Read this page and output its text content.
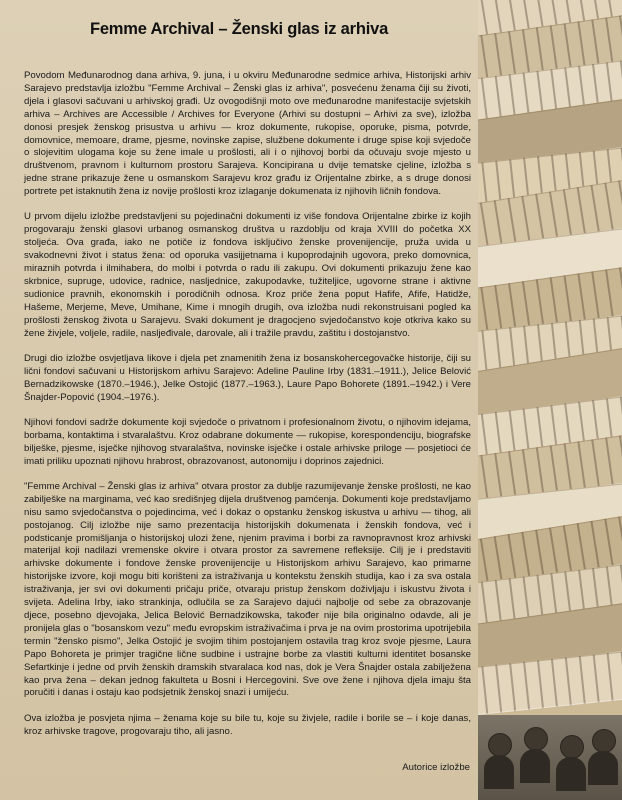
Femme Archival – Ženski glas iz arhiva

Povodom Međunarodnog dana arhiva, 9. juna, i u okviru Međunarodne sedmice arhiva, Historijski arhiv Sarajevo predstavlja izložbu "Femme Archival – Ženski glas iz arhiva", posvećenu ženama čiji su životi, djela i glasovi sačuvani u arhivskoj građi. Uz ovogodišnji moto ove međunarodne manifestacije svjetskih arhiva – Archives are Accessible / Archives for Everyone (Arhivi su dostupni – Arhivi za sve), izložba donosi presjek ženskog prisustva u arhivu — kroz dokumente, rukopise, oporuke, pisma, potvrde, domovnice, memoare, drame, pjesme, novinske zapise, službene dokumente i druge spise koji svjedoče o slojevitim ulogama koje su žene imale u prošlosti, ali i o njihovoj borbi da očuvaju svoje mjesto u društvenom, pravnom i kulturnom prostoru Sarajeva. Koncipirana u dvije tematske cjeline, izložba s jedne strane prikazuje žene u osmanskom Sarajevu kroz građu iz Orijentalne zbirke, a s druge donosi portrete pet istaknutih žena iz novije prošlosti kroz izlaganje dokumenata iz njihovih ličnih fondova.

U prvom dijelu izložbe predstavljeni su pojedinačni dokumenti iz više fondova Orijentalne zbirke iz kojih progovaraju ženski glasovi urbanog osmanskog društva u razdoblju od kraja XVIII do početka XX stoljeća. Ova građa, iako ne potiče iz fondova isključivo ženske provenijencije, pruža uvida u svakodnevni život i status žena: od oporuka vasijjetnama i kupoprodajnih ugovora, preko domovnica, miraznih potvrda i ilmihabera, do molbi i potvrda o radu ili zakupu. Ovi dokumenti prikazuju žene kao skrbnice, supruge, udovice, radnice, nasljednice, zakupodavke, tužiteljice, ugovorne strane i aktivne sudionice pravnih, ekonomskih i porodičnih odnosa. Kroz priče žena poput Hafife, Afife, Hatidže, Hašeme, Merjeme, Meve, Umihane, Kime i mnogih drugih, ova izložba nudi rekonstruisani pogled ka prošlosti ženskog života u Sarajevu. Svaki dokument je dragocjeno svjedočanstvo koje otkriva kako su žene živjele, voljele, radile, nasljeđivale, darovale, ali i tražile pravdu, zaštitu i dostojanstvo.

Drugi dio izložbe osvjetljava likove i djela pet znamenitih žena iz bosanskohercegovačke historije, čiji su lični fondovi sačuvani u Historijskom arhivu Sarajevo: Adeline Pauline Irby (1831.–1911.), Jelice Belović Bernadzikowske (1870.–1946.), Jelke Ostojić (1877.–1963.), Laure Papo Bohorete (1891.–1942.) i Vere Šnajder-Popović (1904.–1976.).

Njihovi fondovi sadrže dokumente koji svjedoče o privatnom i profesionalnom životu, o njihovim idejama, borbama, kontaktima i stvaralaštvu. Kroz odabrane dokumente — rukopise, korespondenciju, biografske bilješke, pjesme, isječke njihovog stvaralaštva, novinske isječke i ostale arhivske priloge — posjetioci će imati priliku upoznati njihovu hrabrost, obrazovanost, autonomiju i doprinos zajednici.

"Femme Archival – Ženski glas iz arhiva" otvara prostor za dublje razumijevanje ženske prošlosti, ne kao zabilješke na marginama, već kao središnjeg dijela društvenog pamćenja. Dokumenti koje predstavljamo nisu samo svjedočanstva o pojedincima, već i dokaz o opstanku ženskog iskustva u arhivu — tihog, ali postojanog. Cilj izložbe nije samo prezentacija historijskih dokumenata i ženskih fondova, već i podsticanje promišljanja o historijskoj ulozi žene, njenim pravima i borbi za ravnopravnost kroz arhivski materijal koji nadilazi vremenske okvire i otvara prostor za savremene refleksije. Cilj je i predstaviti arhivske dokumente i fondove ženske provenijencije u Historijskom arhivu Sarajevo, kao primarne historijske izvore, koji mogu biti korišteni za istraživanja u kontekstu ženskih studija, kao i za sva ostala istraživanja, jer svi ovi dokumenti pričaju priče, otvaraju pristup ženskom doživljaju i iskustvu života i svijeta. Adelina Irby, iako strankinja, odlučila se za Sarajevo dajući najbolje od sebe za obrazovanje djece, posebno djevojaka, Jelica Belović Bernadzikowska, također nije bila originalno odavde, ali je pronijela glas o "bosanskom vezu" među evropskim istraživačima i prva je na ovim prostorima upotrijebila termin "žensko pismo", Jelka Ostojić je svojim tihim postojanjem ostavila trag kroz svoje pjesme, Laura Papo Bohoreta je primjer tragične lične sudbine i ustrajne borbe za vlastiti kulturni identitet bosanske Sefartkinje i jedne od prvih ženskih dramskih stvaralaca kod nas, dok je Vera Šnajder ostala zabilježena kao prva žena – dekan jednog fakulteta u Bosni i Hercegovini. Sve ove žene i njihova djela imaju šta poručiti i danas i ostaju kao podsjetnik ženskoj snazi i umijeću.

Ova izložba je posvjeta njima – ženama koje su bile tu, koje su živjele, radile i borile se – i koje danas, kroz arhivske tragove, progovaraju tiho, ali jasno.

Autorice izložbe
